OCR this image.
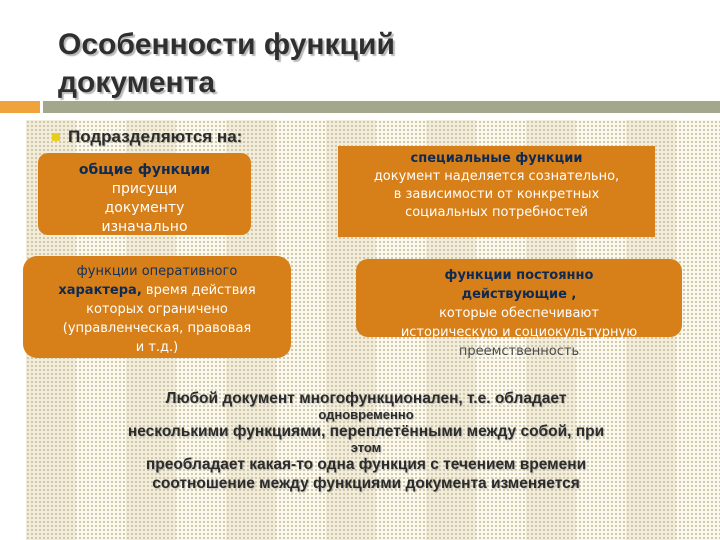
Особенности функций
документа
Подразделяются на:
общие функции
присущи
документу
изначально
специальные функции
документ наделяется сознательно,
в зависимости от конкретных
социальных потребностей
функции оперативного
характера, время действия
которых ограничено
(управленческая, правовая
и т.д.)
функции постоянно
действующие ,
которые обеспечивают
историческую и социокультурную
преемственность
Любой документ многофункционален, т.е. обладает
одновременно
несколькими функциями, переплетёнными между собой, при
этом
преобладает какая-то одна функция с течением времени
соотношение между функциями документа изменяется
